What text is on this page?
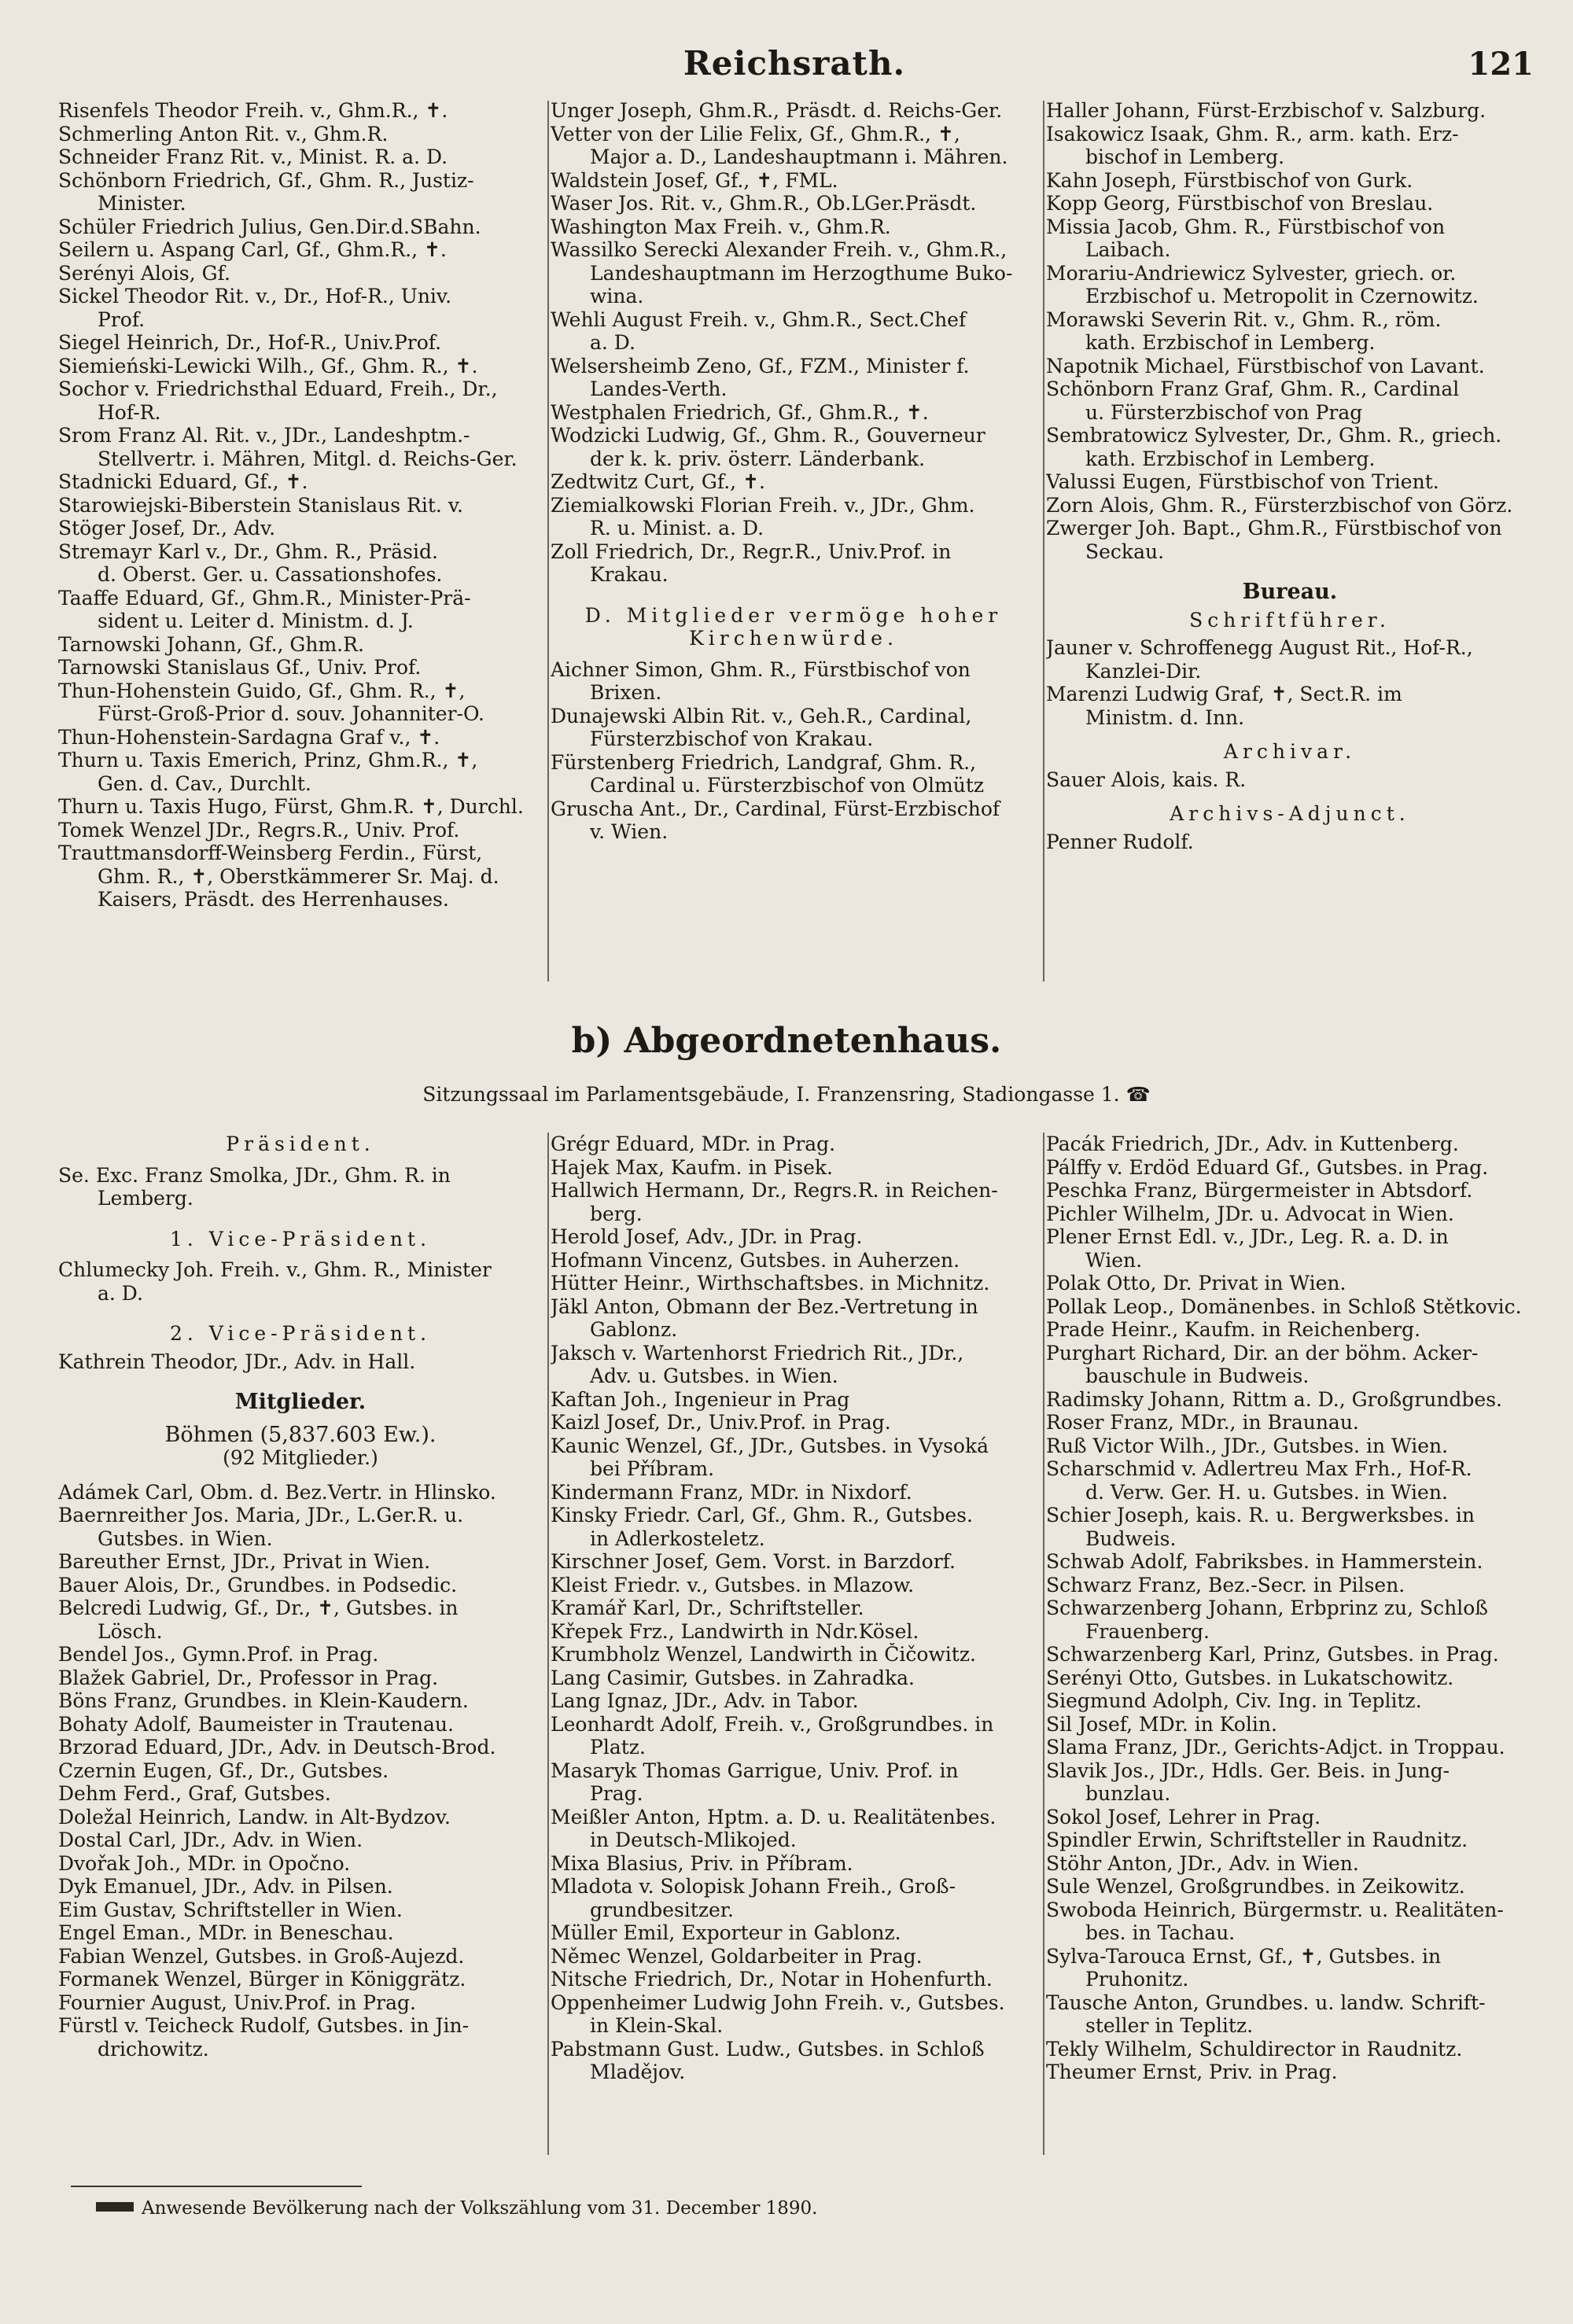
Reichsrath.	121
Risenfels Theodor Freih. v., Ghm.R., ✝.
Schmerling Anton Rit. v., Ghm.R.
Schneider Franz Rit. v., Minist. R. a. D.
Schönborn Friedrich, Gf., Ghm. R., Justiz-
Minister.
Schüler Friedrich Julius, Gen.Dir.d.SBahn.
Seilern u. Aspang Carl, Gf., Ghm.R., ✝.
Serényi Alois, Gf.
Sickel Theodor Rit. v., Dr., Hof-R., Univ.
Prof.
Siegel Heinrich, Dr., Hof-R., Univ.Prof.
Siemieński-Lewicki Wilh., Gf., Ghm. R., ✝.
Sochor v. Friedrichsthal Eduard, Freih., Dr.,
Hof-R.
Srom Franz Al. Rit. v., JDr., Landeshptm.-
Stellvertr. i. Mähren, Mitgl. d. Reichs-Ger.
Stadnicki Eduard, Gf., ✝.
Starowiejski-Biberstein Stanislaus Rit. v.
Stöger Josef, Dr., Adv.
Stremayr Karl v., Dr., Ghm. R., Präsid.
d. Oberst. Ger. u. Cassationshofes.
Taaffe Eduard, Gf., Ghm.R., Minister-Prä-
sident u. Leiter d. Ministm. d. J.
Tarnowski Johann, Gf., Ghm.R.
Tarnowski Stanislaus Gf., Univ. Prof.
Thun-Hohenstein Guido, Gf., Ghm. R., ✝,
Fürst-Groß-Prior d. souv. Johanniter-O.
Thun-Hohenstein-Sardagna Graf v., ✝.
Thurn u. Taxis Emerich, Prinz, Ghm.R., ✝,
Gen. d. Cav., Durchlt.
Thurn u. Taxis Hugo, Fürst, Ghm.R. ✝, Durchl.
Tomek Wenzel JDr., Regrs.R., Univ. Prof.
Trauttmansdorff-Weinsberg Ferdin., Fürst,
Ghm. R., ✝, Oberstkämmerer Sr. Maj. d.
Kaisers, Präsdt. des Herrenhauses.
Unger Joseph, Ghm.R., Präsdt. d. Reichs-Ger.
Vetter von der Lilie Felix, Gf., Ghm.R., ✝,
Major a. D., Landeshauptmann i. Mähren.
Waldstein Josef, Gf., ✝, FML.
Waser Jos. Rit. v., Ghm.R., Ob.LGer.Präsdt.
Washington Max Freih. v., Ghm.R.
Wassilko Serecki Alexander Freih. v., Ghm.R.,
Landeshauptmann im Herzogthume Buko-
wina.
Wehli August Freih. v., Ghm.R., Sect.Chef
a. D.
Welsersheimb Zeno, Gf., FZM., Minister f.
Landes-Verth.
Westphalen Friedrich, Gf., Ghm.R., ✝.
Wodzicki Ludwig, Gf., Ghm. R., Gouverneur
der k. k. priv. österr. Länderbank.
Zedtwitz Curt, Gf., ✝.
Ziemialkowski Florian Freih. v., JDr., Ghm.
R. u. Minist. a. D.
Zoll Friedrich, Dr., Regr.R., Univ.Prof. in
Krakau.
D. Mitglieder vermöge hoher
Kirchenwürde.
Aichner Simon, Ghm. R., Fürstbischof von
Brixen.
Dunajewski Albin Rit. v., Geh.R., Cardinal,
Fürsterzbischof von Krakau.
Fürstenberg Friedrich, Landgraf, Ghm. R.,
Cardinal u. Fürsterzbischof von Olmütz
Gruscha Ant., Dr., Cardinal, Fürst-Erzbischof
v. Wien.
Haller Johann, Fürst-Erzbischof v. Salzburg.
Isakowicz Isaak, Ghm. R., arm. kath. Erz-
bischof in Lemberg.
Kahn Joseph, Fürstbischof von Gurk.
Kopp Georg, Fürstbischof von Breslau.
Missia Jacob, Ghm. R., Fürstbischof von
Laibach.
Morariu-Andriewicz Sylvester, griech. or.
Erzbischof u. Metropolit in Czernowitz.
Morawski Severin Rit. v., Ghm. R., röm.
kath. Erzbischof in Lemberg.
Napotnik Michael, Fürstbischof von Lavant.
Schönborn Franz Graf, Ghm. R., Cardinal
u. Fürsterzbischof von Prag
Sembratowicz Sylvester, Dr., Ghm. R., griech.
kath. Erzbischof in Lemberg.
Valussi Eugen, Fürstbischof von Trient.
Zorn Alois, Ghm. R., Fürsterzbischof von Görz.
Zwerger Joh. Bapt., Ghm.R., Fürstbischof von
Seckau.
Bureau.
Schriftführer.
Jauner v. Schroffenegg August Rit., Hof-R.,
Kanzlei-Dir.
Marenzi Ludwig Graf, ✝, Sect.R. im
Ministm. d. Inn.
Archivar.
Sauer Alois, kais. R.
Archivs-Adjunct.
Penner Rudolf.
b) Abgeordnetenhaus.
Sitzungssaal im Parlamentsgebäude, I. Franzensring, Stadiongasse 1. ☎
Präsident.
Se. Exc. Franz Smolka, JDr., Ghm. R. in
Lemberg.
1. Vice-Präsident.
Chlumecky Joh. Freih. v., Ghm. R., Minister
a. D.
2. Vice-Präsident.
Kathrein Theodor, JDr., Adv. in Hall.
Mitglieder.
Böhmen (5,837.603 Ew.).
(92 Mitglieder.)
Adámek Carl, Obm. d. Bez.Vertr. in Hlinsko.
Baernreither Jos. Maria, JDr., L.Ger.R. u.
Gutsbes. in Wien.
Bareuther Ernst, JDr., Privat in Wien.
Bauer Alois, Dr., Grundbes. in Podsedic.
Belcredi Ludwig, Gf., Dr., ✝, Gutsbes. in
Lösch.
Bendel Jos., Gymn.Prof. in Prag.
Blažek Gabriel, Dr., Professor in Prag.
Böns Franz, Grundbes. in Klein-Kaudern.
Bohaty Adolf, Baumeister in Trautenau.
Brzorad Eduard, JDr., Adv. in Deutsch-Brod.
Czernin Eugen, Gf., Dr., Gutsbes.
Dehm Ferd., Graf, Gutsbes.
Doležal Heinrich, Landw. in Alt-Bydzov.
Dostal Carl, JDr., Adv. in Wien.
Dvořak Joh., MDr. in Opočno.
Dyk Emanuel, JDr., Adv. in Pilsen.
Eim Gustav, Schriftsteller in Wien.
Engel Eman., MDr. in Beneschau.
Fabian Wenzel, Gutsbes. in Groß-Aujezd.
Formanek Wenzel, Bürger in Königgrätz.
Fournier August, Univ.Prof. in Prag.
Fürstl v. Teicheck Rudolf, Gutsbes. in Jin-
drichowitz.
Grégr Eduard, MDr. in Prag.
Hajek Max, Kaufm. in Pisek.
Hallwich Hermann, Dr., Regrs.R. in Reichen-
berg.
Herold Josef, Adv., JDr. in Prag.
Hofmann Vincenz, Gutsbes. in Auherzen.
Hütter Heinr., Wirthschaftsbes. in Michnitz.
Jäkl Anton, Obmann der Bez.-Vertretung in
Gablonz.
Jaksch v. Wartenhorst Friedrich Rit., JDr.,
Adv. u. Gutsbes. in Wien.
Kaftan Joh., Ingenieur in Prag
Kaizl Josef, Dr., Univ.Prof. in Prag.
Kaunic Wenzel, Gf., JDr., Gutsbes. in Vysoká
bei Příbram.
Kindermann Franz, MDr. in Nixdorf.
Kinsky Friedr. Carl, Gf., Ghm. R., Gutsbes.
in Adlerkosteletz.
Kirschner Josef, Gem. Vorst. in Barzdorf.
Kleist Friedr. v., Gutsbes. in Mlazow.
Kramář Karl, Dr., Schriftsteller.
Křepek Frz., Landwirth in Ndr.Kösel.
Krumbholz Wenzel, Landwirth in Čičowitz.
Lang Casimir, Gutsbes. in Zahradka.
Lang Ignaz, JDr., Adv. in Tabor.
Leonhardt Adolf, Freih. v., Großgrundbes. in
Platz.
Masaryk Thomas Garrigue, Univ. Prof. in
Prag.
Meißler Anton, Hptm. a. D. u. Realitätenbes.
in Deutsch-Mlikojed.
Mixa Blasius, Priv. in Příbram.
Mladota v. Solopisk Johann Freih., Groß-
grundbesitzer.
Müller Emil, Exporteur in Gablonz.
Němec Wenzel, Goldarbeiter in Prag.
Nitsche Friedrich, Dr., Notar in Hohenfurth.
Oppenheimer Ludwig John Freih. v., Gutsbes.
in Klein-Skal.
Pabstmann Gust. Ludw., Gutsbes. in Schloß
Mladějov.
Pacák Friedrich, JDr., Adv. in Kuttenberg.
Pálffy v. Erdöd Eduard Gf., Gutsbes. in Prag.
Peschka Franz, Bürgermeister in Abtsdorf.
Pichler Wilhelm, JDr. u. Advocat in Wien.
Plener Ernst Edl. v., JDr., Leg. R. a. D. in
Wien.
Polak Otto, Dr. Privat in Wien.
Pollak Leop., Domänenbes. in Schloß Stětkovic.
Prade Heinr., Kaufm. in Reichenberg.
Purghart Richard, Dir. an der böhm. Acker-
bauschule in Budweis.
Radimsky Johann, Rittm a. D., Großgrundbes.
Roser Franz, MDr., in Braunau.
Ruß Victor Wilh., JDr., Gutsbes. in Wien.
Scharschmid v. Adlertreu Max Frh., Hof-R.
d. Verw. Ger. H. u. Gutsbes. in Wien.
Schier Joseph, kais. R. u. Bergwerksbes. in
Budweis.
Schwab Adolf, Fabriksbes. in Hammerstein.
Schwarz Franz, Bez.-Secr. in Pilsen.
Schwarzenberg Johann, Erbprinz zu, Schloß
Frauenberg.
Schwarzenberg Karl, Prinz, Gutsbes. in Prag.
Serényi Otto, Gutsbes. in Lukatschowitz.
Siegmund Adolph, Civ. Ing. in Teplitz.
Sil Josef, MDr. in Kolin.
Slama Franz, JDr., Gerichts-Adjct. in Troppau.
Slavik Jos., JDr., Hdls. Ger. Beis. in Jung-
bunzlau.
Sokol Josef, Lehrer in Prag.
Spindler Erwin, Schriftsteller in Raudnitz.
Stöhr Anton, JDr., Adv. in Wien.
Sule Wenzel, Großgrundbes. in Zeikowitz.
Swoboda Heinrich, Bürgermstr. u. Realitäten-
bes. in Tachau.
Sylva-Tarouca Ernst, Gf., ✝, Gutsbes. in
Pruhonitz.
Tausche Anton, Grundbes. u. landw. Schrift-
steller in Teplitz.
Tekly Wilhelm, Schuldirector in Raudnitz.
Theumer Ernst, Priv. in Prag.
Anwesende Bevölkerung nach der Volkszählung vom 31. December 1890.
